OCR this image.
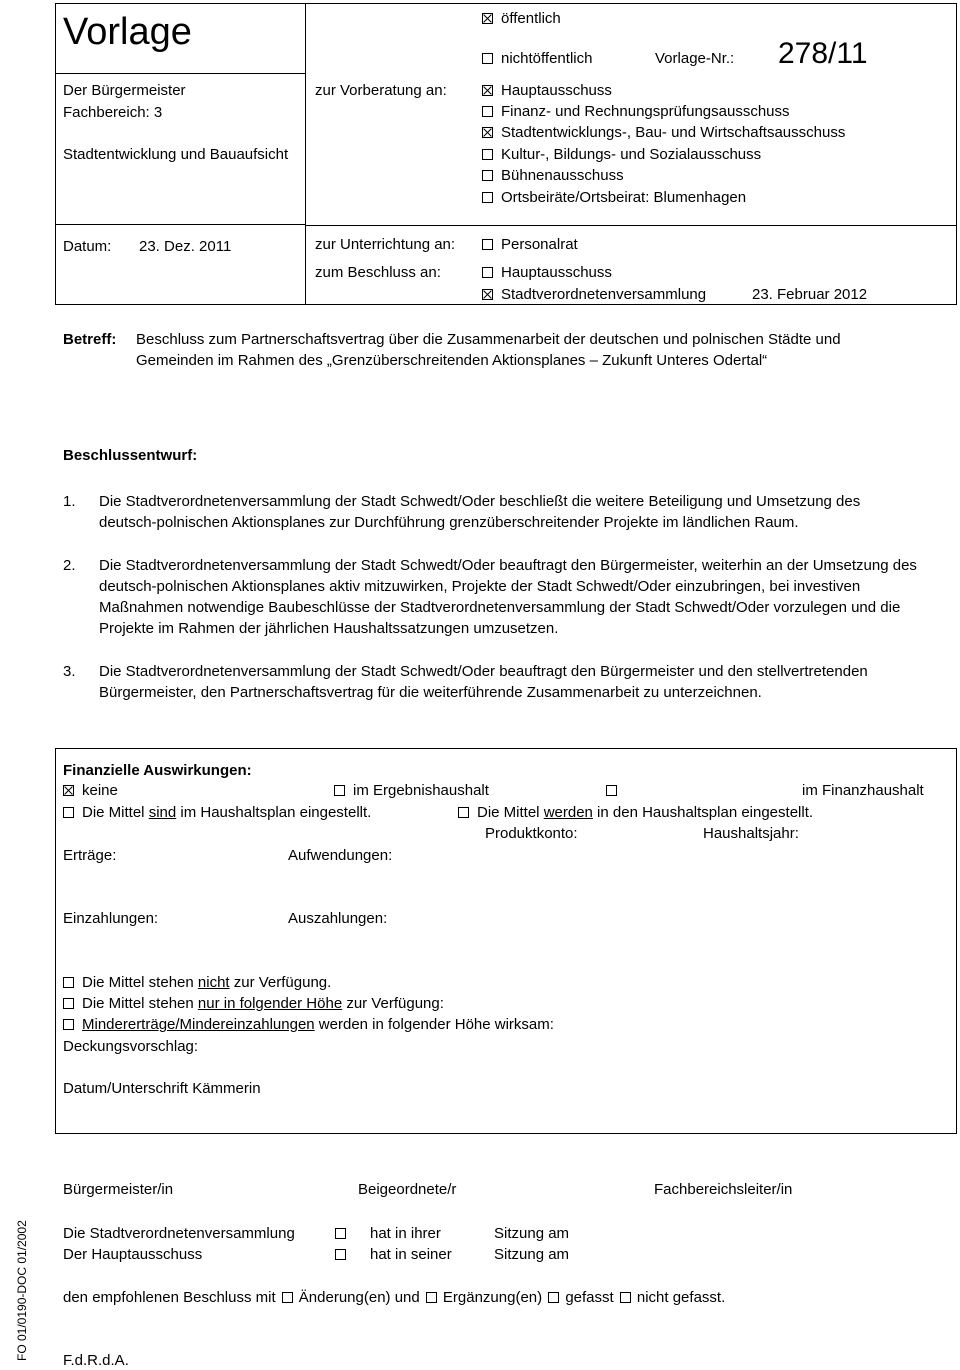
Vorlage	öffentlich
nichtöffentlich	Vorlage-Nr.: 278/11
Der Bürgermeister
Fachbereich: 3
Stadtentwicklung und Bauaufsicht
Datum: 23. Dez. 2011
zur Vorberatung an:	Hauptausschuss
Finanz- und Rechnungsprüfungsausschuss
Stadtentwicklungs-, Bau- und Wirtschaftsausschuss
Kultur-, Bildungs- und Sozialausschuss
Bühnenausschuss
Ortsbeiräte/Ortsbeirat: Blumenhagen
zur Unterrichtung an:	Personalrat
zum Beschluss an:	Hauptausschuss
Stadtverordnetenversammlung	23. Februar 2012
Betreff: Beschluss zum Partnerschaftsvertrag über die Zusammenarbeit der deutschen und polnischen Städte und
Gemeinden im Rahmen des „Grenzüberschreitenden Aktionsplanes – Zukunft Unteres Odertal“
Beschlussentwurf:
1. Die Stadtverordnetenversammlung der Stadt Schwedt/Oder beschließt die weitere Beteiligung und Umsetzung des deutsch-polnischen Aktionsplanes zur Durchführung grenzüberschreitender Projekte im ländlichen Raum.
2. Die Stadtverordnetenversammlung der Stadt Schwedt/Oder beauftragt den Bürgermeister, weiterhin an der Umsetzung des deutsch-polnischen Aktionsplanes aktiv mitzuwirken, Projekte der Stadt Schwedt/Oder einzubringen, bei investiven Maßnahmen notwendige Baubeschlüsse der Stadtverordnetenversammlung der Stadt Schwedt/Oder vorzulegen und die Projekte im Rahmen der jährlichen Haushaltssatzungen umzusetzen.
3. Die Stadtverordnetenversammlung der Stadt Schwedt/Oder beauftragt den Bürgermeister und den stellvertretenden Bürgermeister, den Partnerschaftsvertrag für die weiterführende Zusammenarbeit zu unterzeichnen.
Finanzielle Auswirkungen:
keine	im Ergebnishaushalt	im Finanzhaushalt
Die Mittel sind im Haushaltsplan eingestellt.	Die Mittel werden in den Haushaltsplan eingestellt.
Produktkonto:	Haushaltsjahr:
Erträge:	Aufwendungen:
Einzahlungen:	Auszahlungen:
Die Mittel stehen nicht zur Verfügung.
Die Mittel stehen nur in folgender Höhe zur Verfügung:
Mindererträge/Mindereinzahlungen werden in folgender Höhe wirksam:
Deckungsvorschlag:
Datum/Unterschrift Kämmerin
Bürgermeister/in	Beigeordnete/r	Fachbereichsleiter/in
Die Stadtverordnetenversammlung	hat in ihrer	Sitzung am
Der Hauptausschuss	hat in seiner	Sitzung am
den empfohlenen Beschluss mit Änderung(en) und Ergänzung(en) gefasst nicht gefasst.
F.d.R.d.A.
FO 01/0190-DOC 01/2002
